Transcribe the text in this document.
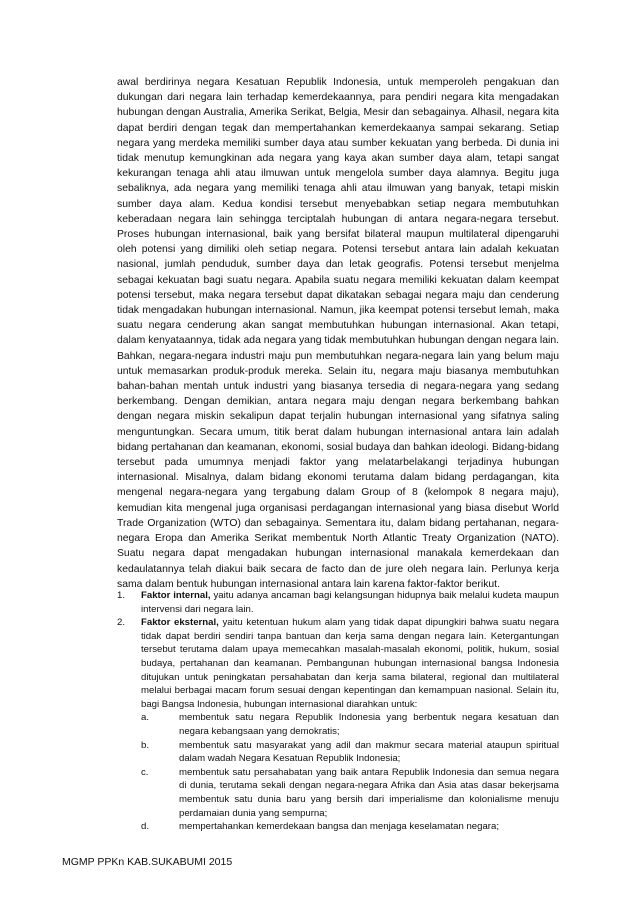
awal berdirinya negara Kesatuan Republik Indonesia, untuk memperoleh pengakuan dan dukungan dari negara lain terhadap kemerdekaannya, para pendiri negara kita mengadakan hubungan dengan Australia, Amerika Serikat, Belgia, Mesir dan sebagainya. Alhasil, negara kita dapat berdiri dengan tegak dan mempertahankan kemerdekaanya sampai sekarang. Setiap negara yang merdeka memiliki sumber daya atau sumber kekuatan yang berbeda. Di dunia ini tidak menutup kemungkinan ada negara yang kaya akan sumber daya alam, tetapi sangat kekurangan tenaga ahli atau ilmuwan untuk mengelola sumber daya alamnya. Begitu juga sebaliknya, ada negara yang memiliki tenaga ahli atau ilmuwan yang banyak, tetapi miskin sumber daya alam. Kedua kondisi tersebut menyebabkan setiap negara membutuhkan keberadaan negara lain sehingga terciptalah hubungan di antara negara-negara tersebut. Proses hubungan internasional, baik yang bersifat bilateral maupun multilateral dipengaruhi oleh potensi yang dimiliki oleh setiap negara. Potensi tersebut antara lain adalah kekuatan nasional, jumlah penduduk, sumber daya dan letak geografis. Potensi tersebut menjelma sebagai kekuatan bagi suatu negara. Apabila suatu negara memiliki kekuatan dalam keempat potensi tersebut, maka negara tersebut dapat dikatakan sebagai negara maju dan cenderung tidak mengadakan hubungan internasional. Namun, jika keempat potensi tersebut lemah, maka suatu negara cenderung akan sangat membutuhkan hubungan internasional. Akan tetapi, dalam kenyataannya, tidak ada negara yang tidak membutuhkan hubungan dengan negara lain. Bahkan, negara-negara industri maju pun membutuhkan negara-negara lain yang belum maju untuk memasarkan produk-produk mereka. Selain itu, negara maju biasanya membutuhkan bahan-bahan mentah untuk industri yang biasanya tersedia di negara-negara yang sedang berkembang. Dengan demikian, antara negara maju dengan negara berkembang bahkan dengan negara miskin sekalipun dapat terjalin hubungan internasional yang sifatnya saling menguntungkan. Secara umum, titik berat dalam hubungan internasional antara lain adalah bidang pertahanan dan keamanan, ekonomi, sosial budaya dan bahkan ideologi. Bidang-bidang tersebut pada umumnya menjadi faktor yang melatarbelakangi terjadinya hubungan internasional. Misalnya, dalam bidang ekonomi terutama dalam bidang perdagangan, kita mengenal negara-negara yang tergabung dalam Group of 8 (kelompok 8 negara maju), kemudian kita mengenal juga organisasi perdagangan internasional yang biasa disebut World Trade Organization (WTO) dan sebagainya. Sementara itu, dalam bidang pertahanan, negara-negara Eropa dan Amerika Serikat membentuk North Atlantic Treaty Organization (NATO). Suatu negara dapat mengadakan hubungan internasional manakala kemerdekaan dan kedaulatannya telah diakui baik secara de facto dan de jure oleh negara lain. Perlunya kerja sama dalam bentuk hubungan internasional antara lain karena faktor-faktor berikut.

1. Faktor internal, yaitu adanya ancaman bagi kelangsungan hidupnya baik melalui kudeta maupun intervensi dari negara lain.
2. Faktor eksternal, yaitu ketentuan hukum alam yang tidak dapat dipungkiri bahwa suatu negara tidak dapat berdiri sendiri tanpa bantuan dan kerja sama dengan negara lain. Ketergantungan tersebut terutama dalam upaya memecahkan masalah-masalah ekonomi, politik, hukum, sosial budaya, pertahanan dan keamanan. Pembangunan hubungan internasional bangsa Indonesia ditujukan untuk peningkatan persahabatan dan kerja sama bilateral, regional dan multilateral melalui berbagai macam forum sesuai dengan kepentingan dan kemampuan nasional. Selain itu, bagi Bangsa Indonesia, hubungan internasional diarahkan untuk:
a.	membentuk satu negara Republik Indonesia yang berbentuk negara kesatuan dan negara kebangsaan yang demokratis;
b.	membentuk satu masyarakat yang adil dan makmur secara material ataupun spiritual dalam wadah Negara Kesatuan Republik Indonesia;
c.	membentuk satu persahabatan yang baik antara Republik Indonesia dan semua negara di dunia, terutama sekali dengan negara-negara Afrika dan Asia atas dasar bekerjsama membentuk satu dunia baru yang bersih dari imperialisme dan kolonialisme menuju perdamaian dunia yang sempurna;
d.	mempertahankan kemerdekaan bangsa dan menjaga keselamatan negara;
MGMP PPKn KAB.SUKABUMI 2015
